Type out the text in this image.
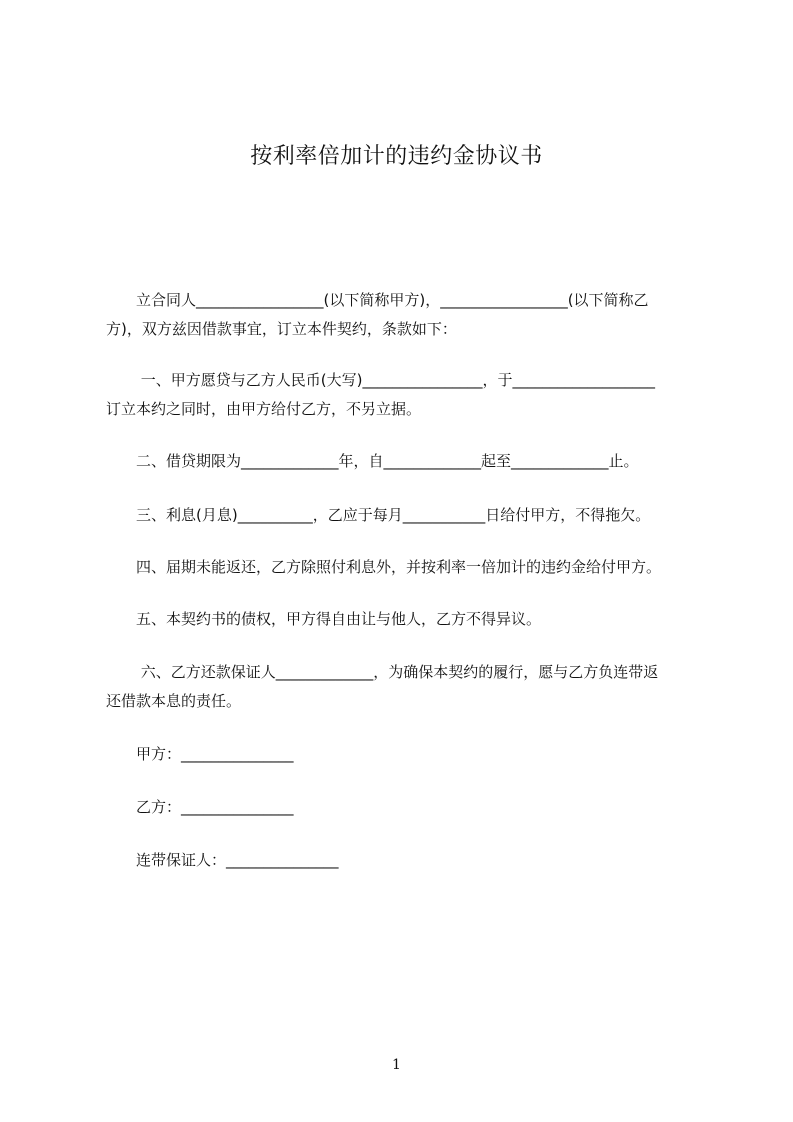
按利率倍加计的违约金协议书
立合同人_________________(以下简称甲方)，_________________(以下简称乙
方)，双方兹因借款事宜，订立本件契约，条款如下：
一、甲方愿贷与乙方人民币(大写)________________，于___________________
订立本约之同时，由甲方给付乙方，不另立据。
二、借贷期限为_____________年，自_____________起至_____________止。
三、利息(月息)__________，乙应于每月___________日给付甲方，不得拖欠。
四、届期未能返还，乙方除照付利息外，并按利率一倍加计的违约金给付甲方。
五、本契约书的债权，甲方得自由让与他人，乙方不得异议。
六、乙方还款保证人_____________，为确保本契约的履行，愿与乙方负连带返
还借款本息的责任。
甲方：_______________
乙方：_______________
连带保证人：_______________
1
